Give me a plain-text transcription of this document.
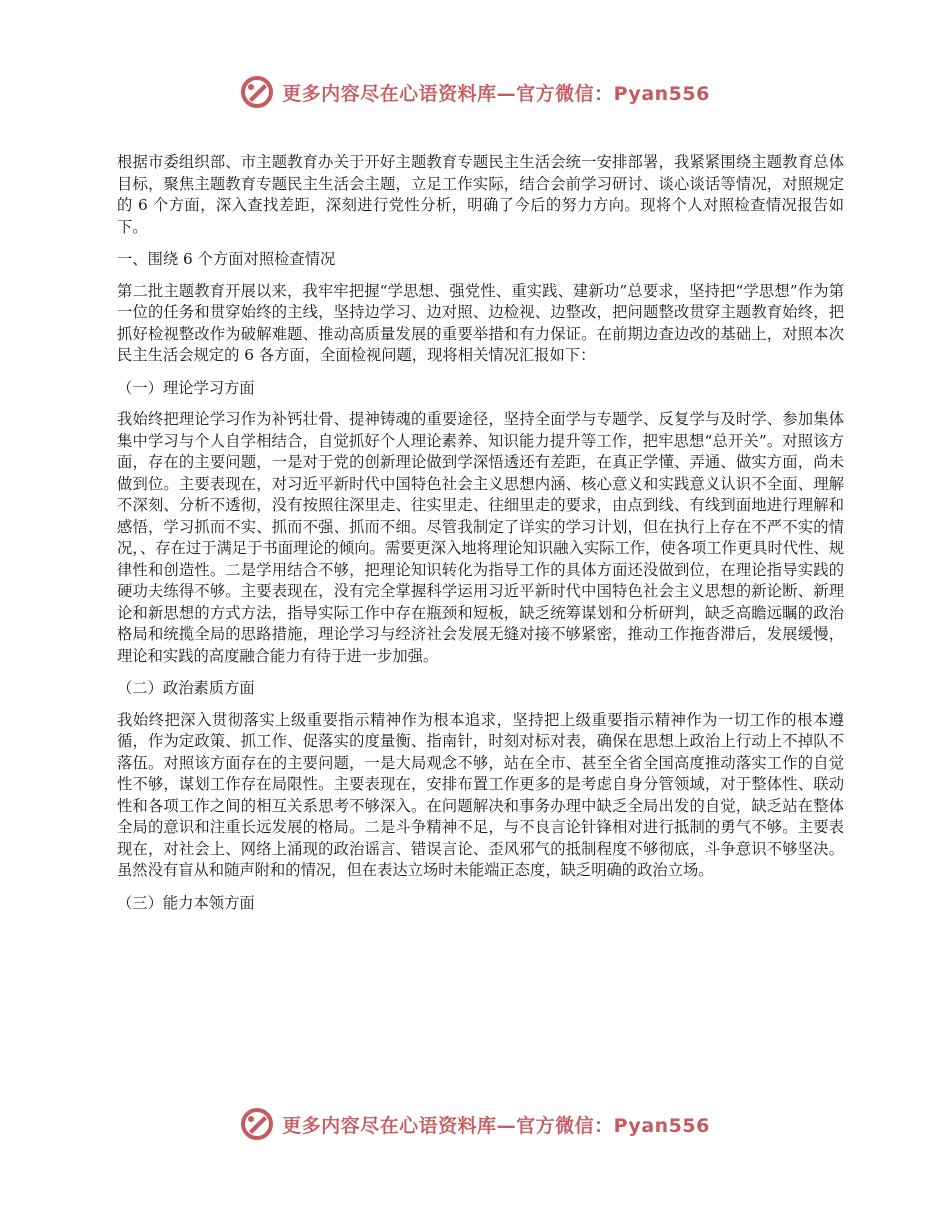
更多内容尽在心语资料库—官方微信：Pyan556

根据市委组织部、市主题教育办关于开好主题教育专题民主生活会统一安排部署，我紧紧围绕主题教育总体目标，聚焦主题教育专题民主生活会主题，立足工作实际，结合会前学习研讨、谈心谈话等情况，对照规定的 6 个方面，深入查找差距，深刻进行党性分析，明确了今后的努力方向。现将个人对照检查情况报告如下。

一、围绕 6 个方面对照检查情况

第二批主题教育开展以来，我牢牢把握“学思想、强党性、重实践、建新功”总要求，坚持把“学思想”作为第一位的任务和贯穿始终的主线，坚持边学习、边对照、边检视、边整改，把问题整改贯穿主题教育始终，把抓好检视整改作为破解难题、推动高质量发展的重要举措和有力保证。在前期边查边改的基础上，对照本次民主生活会规定的 6 各方面，全面检视问题，现将相关情况汇报如下：

（一）理论学习方面

我始终把理论学习作为补钙壮骨、提神铸魂的重要途径，坚持全面学与专题学、反复学与及时学、参加集体集中学习与个人自学相结合，自觉抓好个人理论素养、知识能力提升等工作，把牢思想“总开关”。对照该方面，存在的主要问题，一是对于党的创新理论做到学深悟透还有差距，在真正学懂、弄通、做实方面，尚未做到位。主要表现在，对习近平新时代中国特色社会主义思想内涵、核心意义和实践意义认识不全面、理解不深刻、分析不透彻，没有按照往深里走、往实里走、往细里走的要求，由点到线、有线到面地进行理解和感悟，学习抓而不实、抓而不强、抓而不细。尽管我制定了详实的学习计划，但在执行上存在不严不实的情况，、存在过于满足于书面理论的倾向。需要更深入地将理论知识融入实际工作，使各项工作更具时代性、规律性和创造性。二是学用结合不够，把理论知识转化为指导工作的具体方面还没做到位，在理论指导实践的硬功夫练得不够。主要表现在，没有完全掌握科学运用习近平新时代中国特色社会主义思想的新论断、新理论和新思想的方式方法，指导实际工作中存在瓶颈和短板，缺乏统筹谋划和分析研判，缺乏高瞻远瞩的政治格局和统揽全局的思路措施，理论学习与经济社会发展无缝对接不够紧密，推动工作拖沓滞后，发展缓慢，理论和实践的高度融合能力有待于进一步加强。

（二）政治素质方面

我始终把深入贯彻落实上级重要指示精神作为根本追求，坚持把上级重要指示精神作为一切工作的根本遵循，作为定政策、抓工作、促落实的度量衡、指南针，时刻对标对表，确保在思想上政治上行动上不掉队不落伍。对照该方面存在的主要问题，一是大局观念不够，站在全市、甚至全省全国高度推动落实工作的自觉性不够，谋划工作存在局限性。主要表现在，安排布置工作更多的是考虑自身分管领域，对于整体性、联动性和各项工作之间的相互关系思考不够深入。在问题解决和事务办理中缺乏全局出发的自觉，缺乏站在整体全局的意识和注重长远发展的格局。二是斗争精神不足，与不良言论针锋相对进行抵制的勇气不够。主要表现在，对社会上、网络上涌现的政治谣言、错误言论、歪风邪气的抵制程度不够彻底，斗争意识不够坚决。虽然没有盲从和随声附和的情况，但在表达立场时未能端正态度，缺乏明确的政治立场。

（三）能力本领方面

更多内容尽在心语资料库—官方微信：Pyan556
